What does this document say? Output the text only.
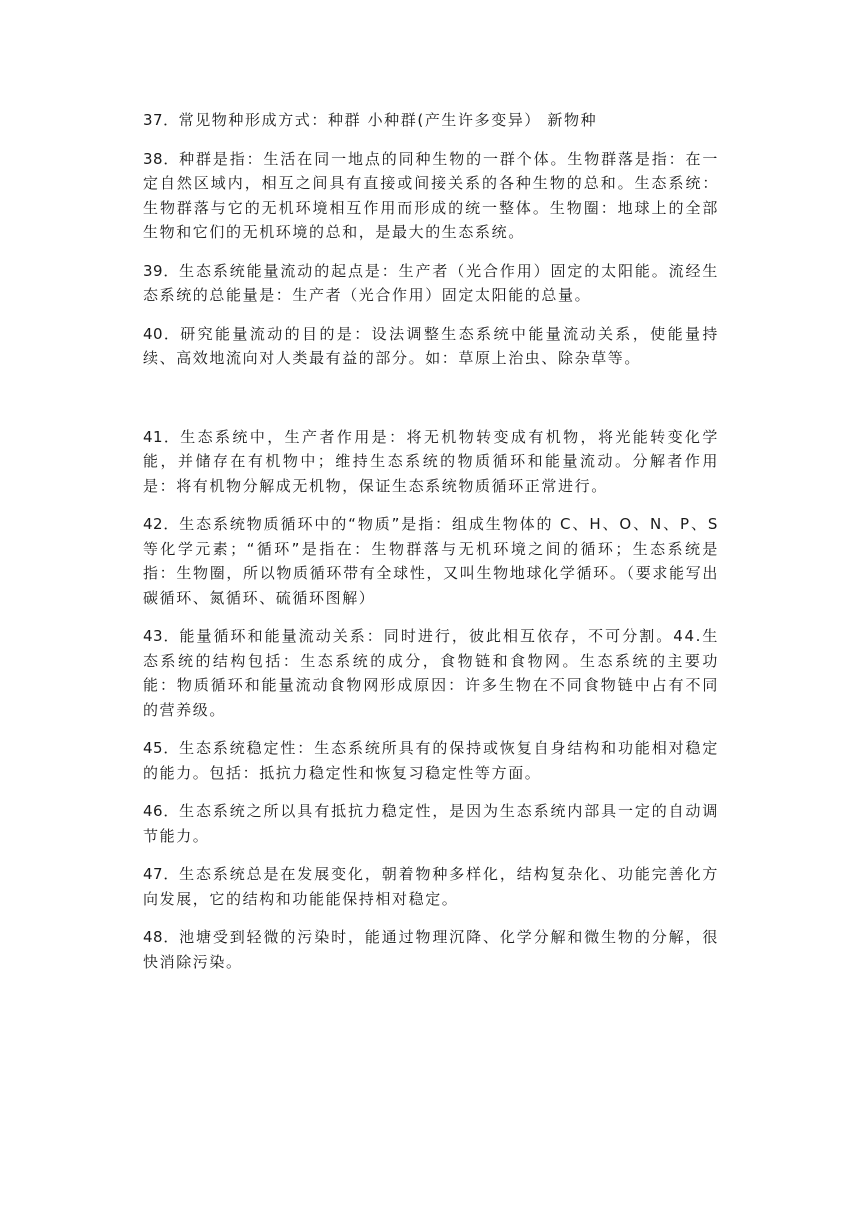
37．常见物种形成方式：种群 小种群(产生许多变异） 新物种

38．种群是指：生活在同一地点的同种生物的一群个体。生物群落是指：在一定自然区域内，相互之间具有直接或间接关系的各种生物的总和。生态系统：生物群落与它的无机环境相互作用而形成的统一整体。生物圈：地球上的全部生物和它们的无机环境的总和，是最大的生态系统。

39．生态系统能量流动的起点是：生产者（光合作用）固定的太阳能。流经生态系统的总能量是：生产者（光合作用）固定太阳能的总量。

40．研究能量流动的目的是：设法调整生态系统中能量流动关系，使能量持续、高效地流向对人类最有益的部分。如：草原上治虫、除杂草等。

41．生态系统中，生产者作用是：将无机物转变成有机物，将光能转变化学能，并储存在有机物中；维持生态系统的物质循环和能量流动。分解者作用是：将有机物分解成无机物，保证生态系统物质循环正常进行。

42．生态系统物质循环中的“物质”是指：组成生物体的 C、H、O、N、P、S 等化学元素；“循环”是指在：生物群落与无机环境之间的循环；生态系统是指：生物圈，所以物质循环带有全球性，又叫生物地球化学循环。（要求能写出碳循环、氮循环、硫循环图解）

43．能量循环和能量流动关系：同时进行，彼此相互依存，不可分割。44.生态系统的结构包括：生态系统的成分，食物链和食物网。生态系统的主要功能：物质循环和能量流动食物网形成原因：许多生物在不同食物链中占有不同的营养级。

45．生态系统稳定性：生态系统所具有的保持或恢复自身结构和功能相对稳定的能力。包括：抵抗力稳定性和恢复习稳定性等方面。

46．生态系统之所以具有抵抗力稳定性，是因为生态系统内部具一定的自动调节能力。

47．生态系统总是在发展变化，朝着物种多样化，结构复杂化、功能完善化方向发展，它的结构和功能能保持相对稳定。

48．池塘受到轻微的污染时，能通过物理沉降、化学分解和微生物的分解，很快消除污染。
